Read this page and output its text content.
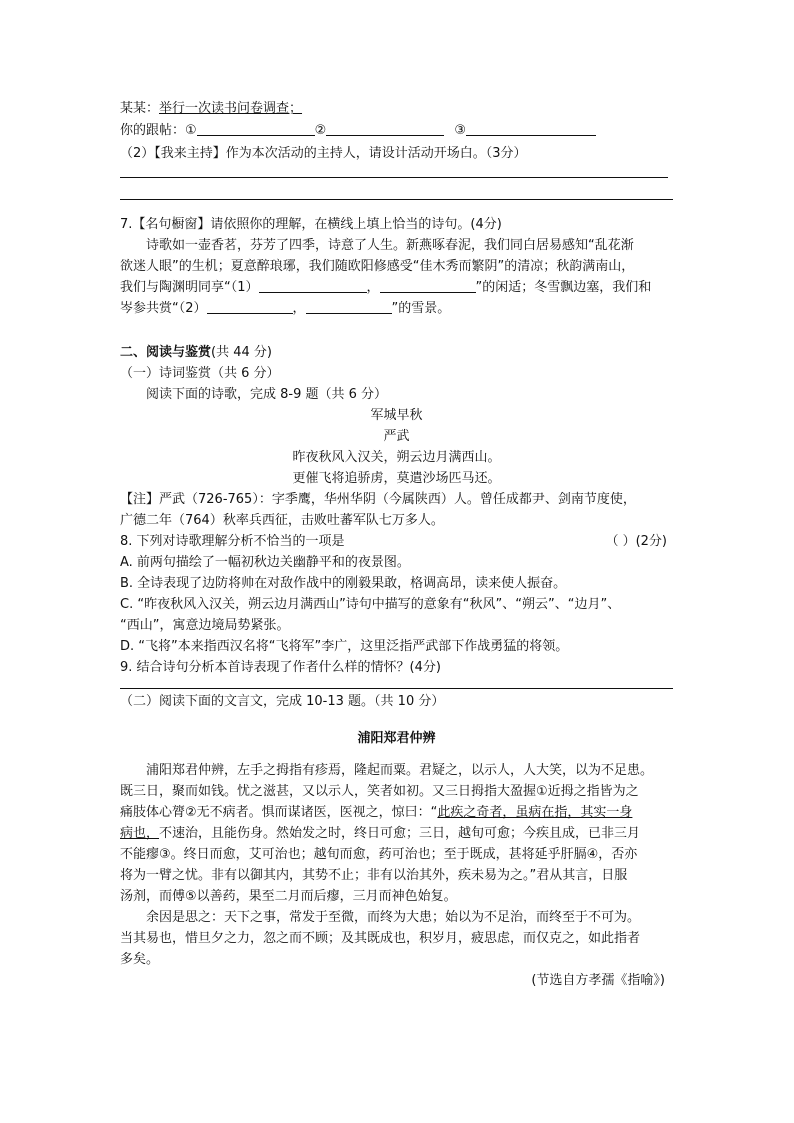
某某：举行一次读书问卷调查；
你的跟帖：①	②	③
（2）【我来主持】作为本次活动的主持人，请设计活动开场白。（3分）
7.【名句橱窗】请依照你的理解，在横线上填上恰当的诗句。(4分)
诗歌如一壶香茗，芬芳了四季，诗意了人生。新燕啄春泥，我们同白居易感知“乱花渐
欲迷人眼”的生机；夏意醉琅琊，我们随欧阳修感受“佳木秀而繁阴”的清凉；秋韵满南山，
我们与陶渊明同享“（1）	，	”的闲适；冬雪飘边塞，我们和
岑参共赏“（2）	，	”的雪景。
二、阅读与鉴赏(共 44 分)
（一）诗词鉴赏（共 6 分）
阅读下面的诗歌，完成 8-9 题（共 6 分）
军城早秋
严武
昨夜秋风入汉关，朔云边月满西山。
更催飞将追骄虏，莫遣沙场匹马还。
【注】严武（726-765）：字季鹰，华州华阴（今属陕西）人。曾任成都尹、剑南节度使，
广德二年（764）秋率兵西征，击败吐蕃军队七万多人。
8. 下列对诗歌理解分析不恰当的一项是	（ ）(2分)
A. 前两句描绘了一幅初秋边关幽静平和的夜景图。
B. 全诗表现了边防将帅在对敌作战中的刚毅果敢，格调高昂，读来使人振奋。
C. “昨夜秋风入汉关，朔云边月满西山”诗句中描写的意象有“秋风”、“朔云”、“边月”、
“西山”，寓意边境局势紧张。
D. “飞将”本来指西汉名将“飞将军”李广，这里泛指严武部下作战勇猛的将领。
9. 结合诗句分析本首诗表现了作者什么样的情怀？(4分)
（二）阅读下面的文言文，完成 10-13 题。（共 10 分）
浦阳郑君仲辨
浦阳郑君仲辨，左手之拇指有疹焉，隆起而粟。君疑之，以示人，人大笑，以为不足患。
既三日，聚而如钱。忧之滋甚，又以示人，笑者如初。又三日拇指大盈握①近拇之指皆为之
痛肢体心膂②无不病者。惧而谋诸医，医视之，惊曰：“此疾之奇者，虽病在指，其实一身
病也，不速治，且能伤身。然始发之时，终日可愈；三日，越旬可愈；今疾且成，已非三月
不能瘳③。终日而愈，艾可治也；越旬而愈，药可治也；至于既成，甚将延乎肝膈④，否亦
将为一臂之忧。非有以御其内，其势不止；非有以治其外，疾未易为之。”君从其言，日服
汤剂，而傅⑤以善药，果至二月而后瘳，三月而神色始复。
余因是思之：天下之事，常发于至微，而终为大患；始以为不足治，而终至于不可为。
当其易也，惜旦夕之力，忽之而不顾；及其既成也，积岁月，疲思虑，而仅克之，如此指者
多矣。
(节选自方孝孺《指喻》)
